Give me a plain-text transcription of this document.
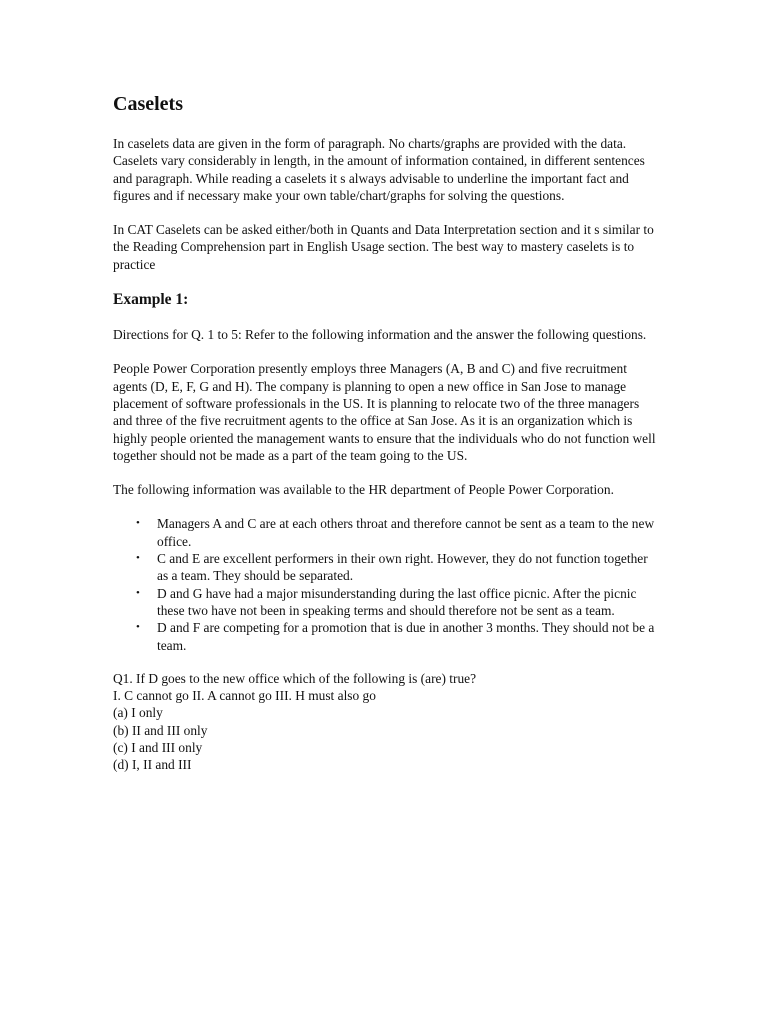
Caselets

In caselets data are given in the form of paragraph. No charts/graphs are provided with the data. Caselets vary considerably in length, in the amount of information contained, in different sentences and paragraph. While reading a caselets it s always advisable to underline the important fact and figures and if necessary make your own table/chart/graphs for solving the questions.

In CAT Caselets can be asked either/both in Quants and Data Interpretation section and it s similar to the Reading Comprehension part in English Usage section. The best way to mastery caselets is to practice

Example 1:

Directions for Q. 1 to 5: Refer to the following information and the answer the following questions.

People Power Corporation presently employs three Managers (A, B and C) and five recruitment agents (D, E, F, G and H). The company is planning to open a new office in San Jose to manage placement of software professionals in the US. It is planning to relocate two of the three managers and three of the five recruitment agents to the office at San Jose. As it is an organization which is
highly people oriented the management wants to ensure that the individuals who do not function well together should not be made as a part of the team going to the US.

The following information was available to the HR department of People Power Corporation.

• Managers A and C are at each others throat and therefore cannot be sent as a team to the new office.
• C and E are excellent performers in their own right. However, they do not function together as a team. They should be separated.
• D and G have had a major misunderstanding during the last office picnic. After the picnic these two have not been in speaking terms and should therefore not be sent as a team.
• D and F are competing for a promotion that is due in another 3 months. They should not be a team.
Q1. If D goes to the new office which of the following is (are) true?
I. C cannot go II. A cannot go III. H must also go
(a) I only
(b) II and III only
(c) I and III only
(d) I, II and III
